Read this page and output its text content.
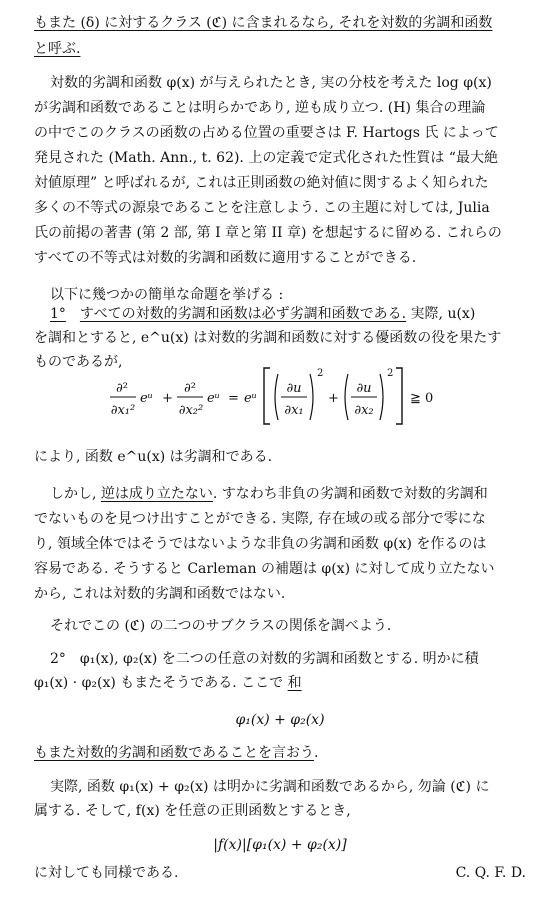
もまた (δ) に対するクラス (ℭ) に含まれるなら, それを対数的劣調和函数
と呼ぶ.
対数的劣調和函数 φ(x) が与えられたとき, 実の分枝を考えた log φ(x)
が劣調和函数であることは明らかであり, 逆も成り立つ. (H) 集合の理論
の中でこのクラスの函数の占める位置の重要さは F. Hartogs 氏 によって
発見された (Math. Ann., t. 62). 上の定義で定式化された性質は “最大絶
対値原理” と呼ばれるが, これは正則函数の絶対値に関するよく知られた
多くの不等式の源泉であることを注意しよう. この主題に対しては, Julia
氏の前掲の著書 (第 2 部, 第 I 章と第 II 章) を想起するに留める. これらの
すべての不等式は対数的劣調和函数に適用することができる.
以下に幾つかの簡単な命題を挙げる :
1°　 すべての対数的劣調和函数は必ず劣調和函数である. 実際, u(x)
を調和とすると, e^u(x) は対数的劣調和函数に対する優函数の役を果たす
ものであるが,
∂²
∂x₁²
eᵘ +
∂²
∂x₂²
eᵘ = eᵘ
∂u
∂x₁
2
+
∂u
∂x₂
2
≧ 0
により, 函数 e^u(x) は劣調和である.
しかし, 逆は成り立たない. すなわち非負の劣調和函数で対数的劣調和
でないものを見つけ出すことができる. 実際, 存在域の或る部分で零にな
り, 領域全体ではそうではないような非負の劣調和函数 φ(x) を作るのは
容易である. そうすると Carleman の補題は φ(x) に対して成り立たない
から, これは対数的劣調和函数ではない.
それでこの (ℭ) の二つのサブクラスの関係を調べよう.
2°　φ₁(x), φ₂(x) を二つの任意の対数的劣調和函数とする. 明かに積
φ₁(x) · φ₂(x) もまたそうである. ここで 和
φ₁(x) + φ₂(x)
もまた対数的劣調和函数であることを言おう.
実際, 函数 φ₁(x) + φ₂(x) は明かに劣調和函数であるから, 勿論 (ℭ) に
属する. そして, f(x) を任意の正則函数とするとき,
|f(x)|[φ₁(x) + φ₂(x)]
に対しても同様である.	C. Q. F. D.
